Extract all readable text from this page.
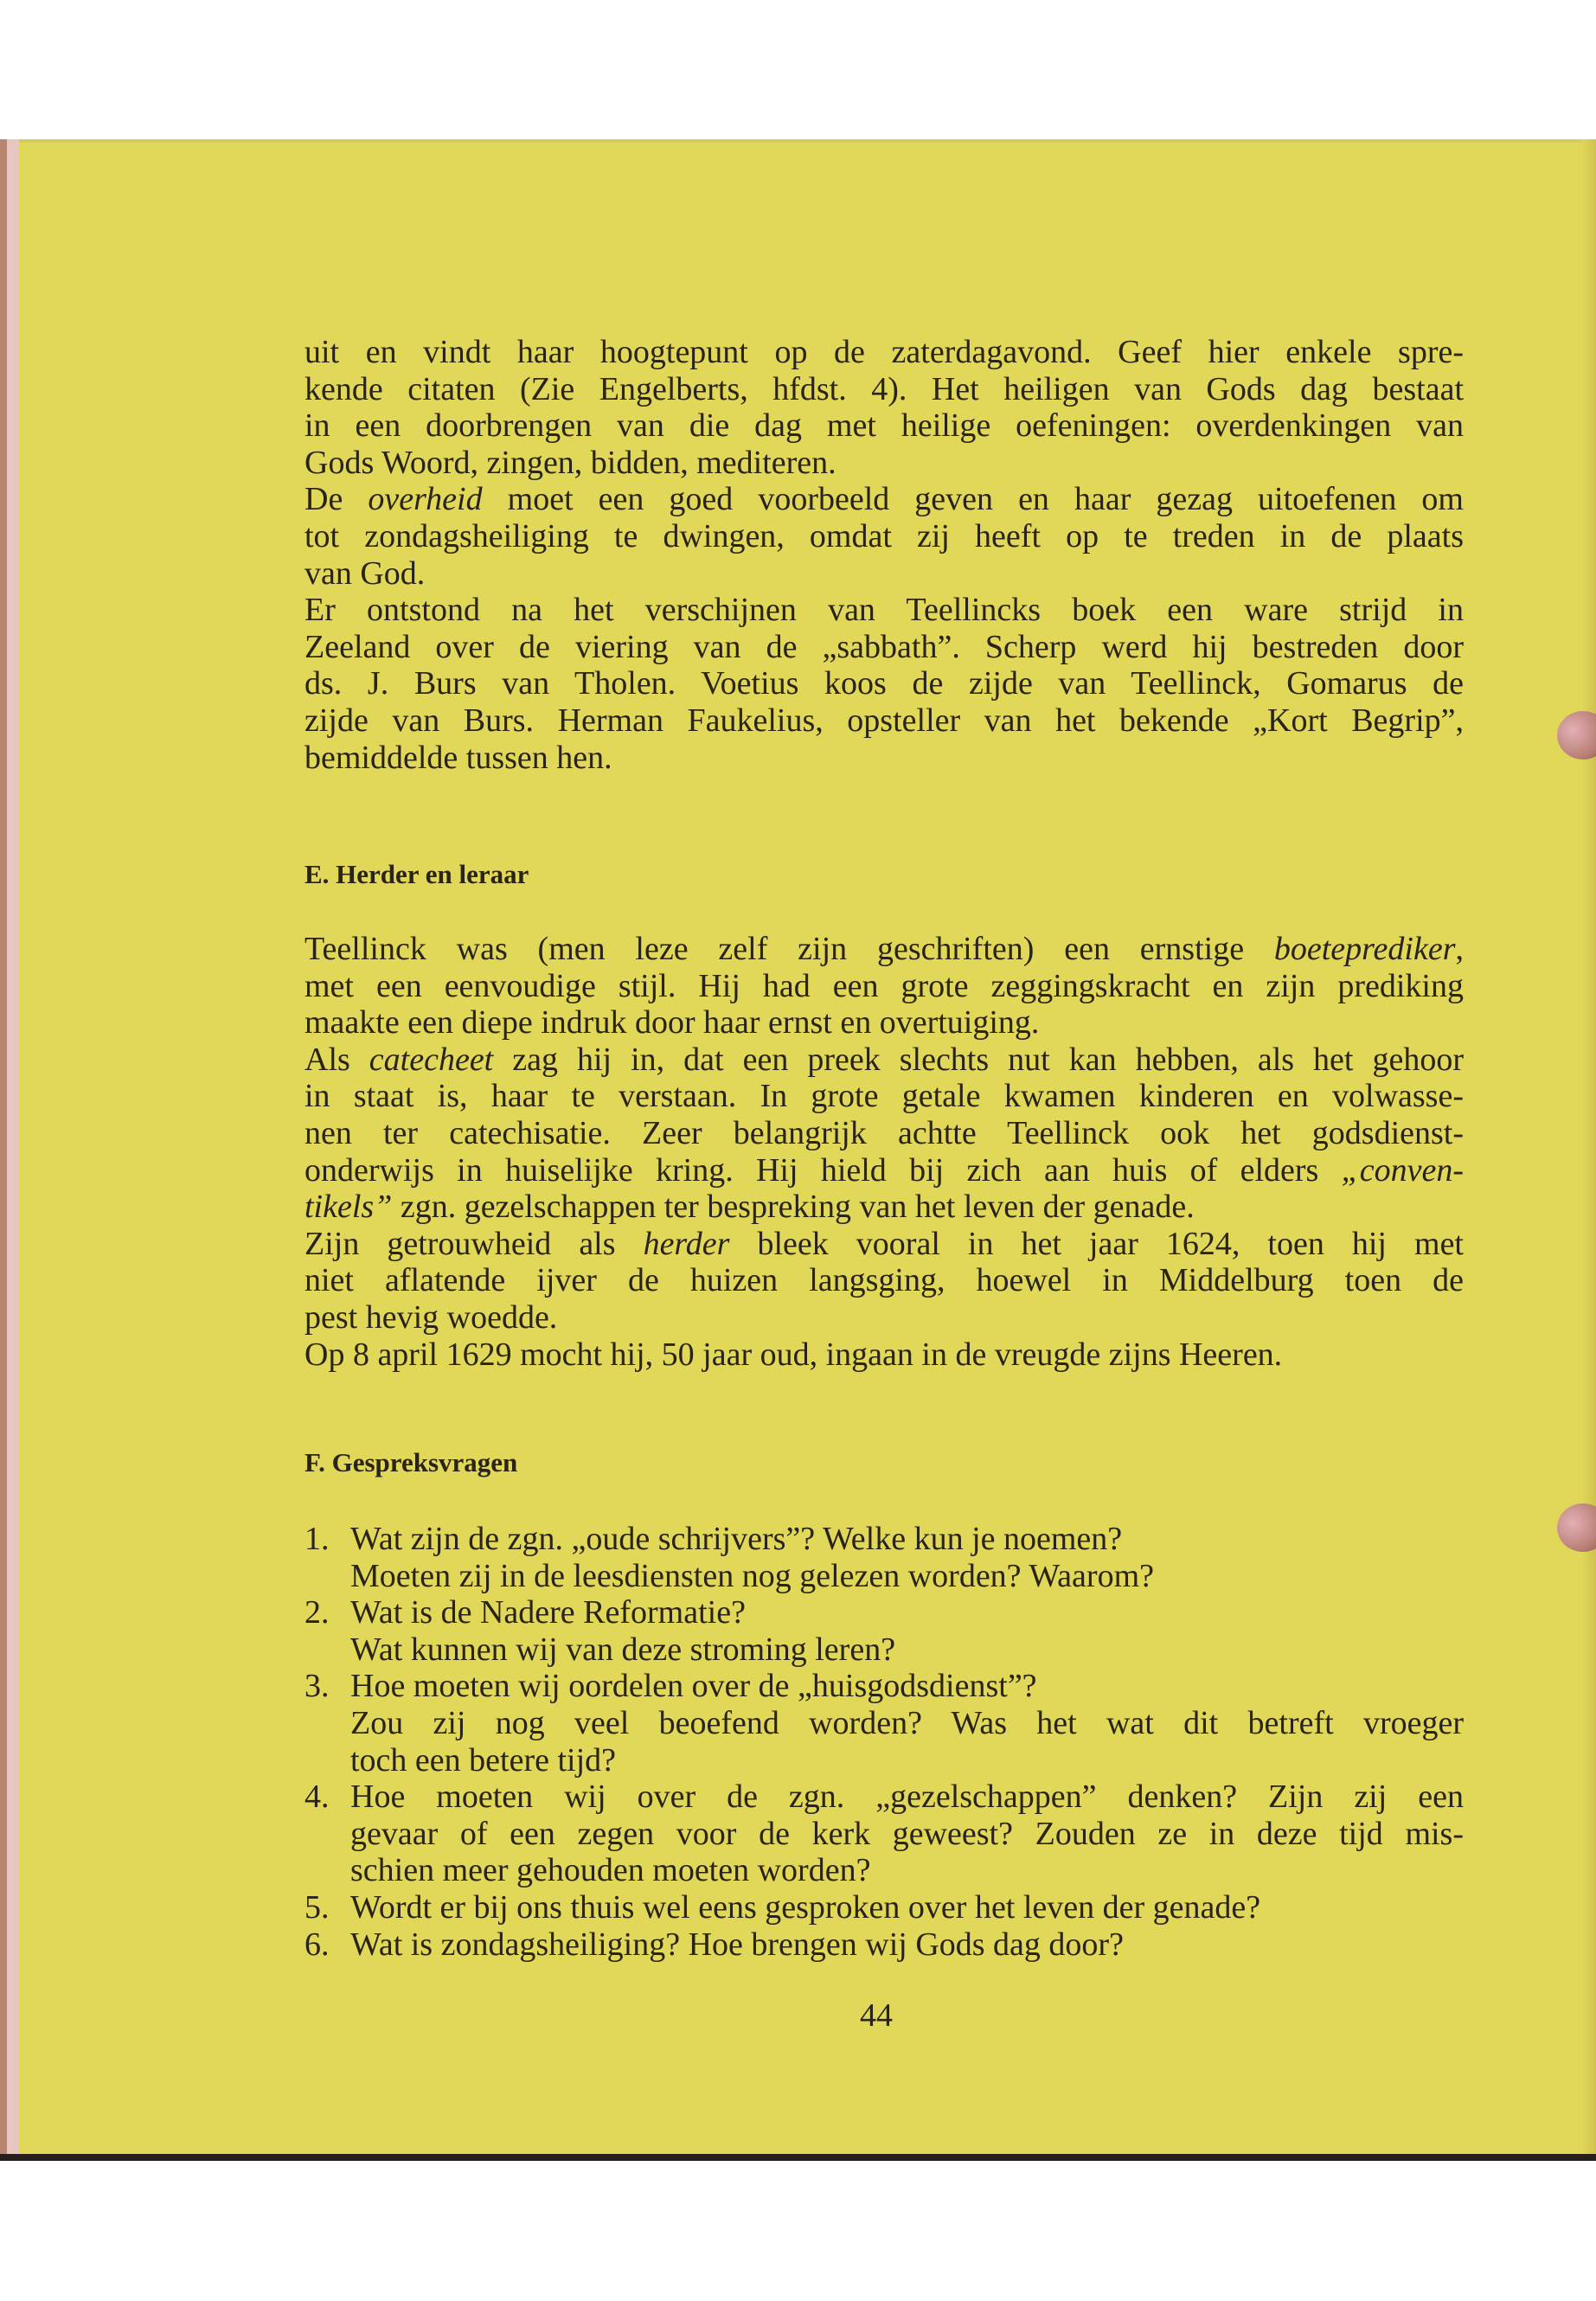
uit en vindt haar hoogtepunt op de zaterdagavond. Geef hier enkele spre-
kende citaten (Zie Engelberts, hfdst. 4). Het heiligen van Gods dag bestaat
in een doorbrengen van die dag met heilige oefeningen: overdenkingen van
Gods Woord, zingen, bidden, mediteren.
De overheid moet een goed voorbeeld geven en haar gezag uitoefenen om
tot zondagsheiliging te dwingen, omdat zij heeft op te treden in de plaats
van God.
Er ontstond na het verschijnen van Teellincks boek een ware strijd in
Zeeland over de viering van de „sabbath”. Scherp werd hij bestreden door
ds. J. Burs van Tholen. Voetius koos de zijde van Teellinck, Gomarus de
zijde van Burs. Herman Faukelius, opsteller van het bekende „Kort Begrip”,
bemiddelde tussen hen.
E. Herder en leraar
Teellinck was (men leze zelf zijn geschriften) een ernstige boeteprediker,
met een eenvoudige stijl. Hij had een grote zeggingskracht en zijn prediking
maakte een diepe indruk door haar ernst en overtuiging.
Als catecheet zag hij in, dat een preek slechts nut kan hebben, als het gehoor
in staat is, haar te verstaan. In grote getale kwamen kinderen en volwasse-
nen ter catechisatie. Zeer belangrijk achtte Teellinck ook het godsdienst-
onderwijs in huiselijke kring. Hij hield bij zich aan huis of elders „conven-
tikels” zgn. gezelschappen ter bespreking van het leven der genade.
Zijn getrouwheid als herder bleek vooral in het jaar 1624, toen hij met
niet aflatende ijver de huizen langsging, hoewel in Middelburg toen de
pest hevig woedde.
Op 8 april 1629 mocht hij, 50 jaar oud, ingaan in de vreugde zijns Heeren.
F. Gespreksvragen
1. Wat zijn de zgn. „oude schrijvers”? Welke kun je noemen?
Moeten zij in de leesdiensten nog gelezen worden? Waarom?
2. Wat is de Nadere Reformatie?
Wat kunnen wij van deze stroming leren?
3. Hoe moeten wij oordelen over de „huisgodsdienst”?
Zou zij nog veel beoefend worden? Was het wat dit betreft vroeger
toch een betere tijd?
4. Hoe moeten wij over de zgn. „gezelschappen” denken? Zijn zij een
gevaar of een zegen voor de kerk geweest? Zouden ze in deze tijd mis-
schien meer gehouden moeten worden?
5. Wordt er bij ons thuis wel eens gesproken over het leven der genade?
6. Wat is zondagsheiliging? Hoe brengen wij Gods dag door?
44
